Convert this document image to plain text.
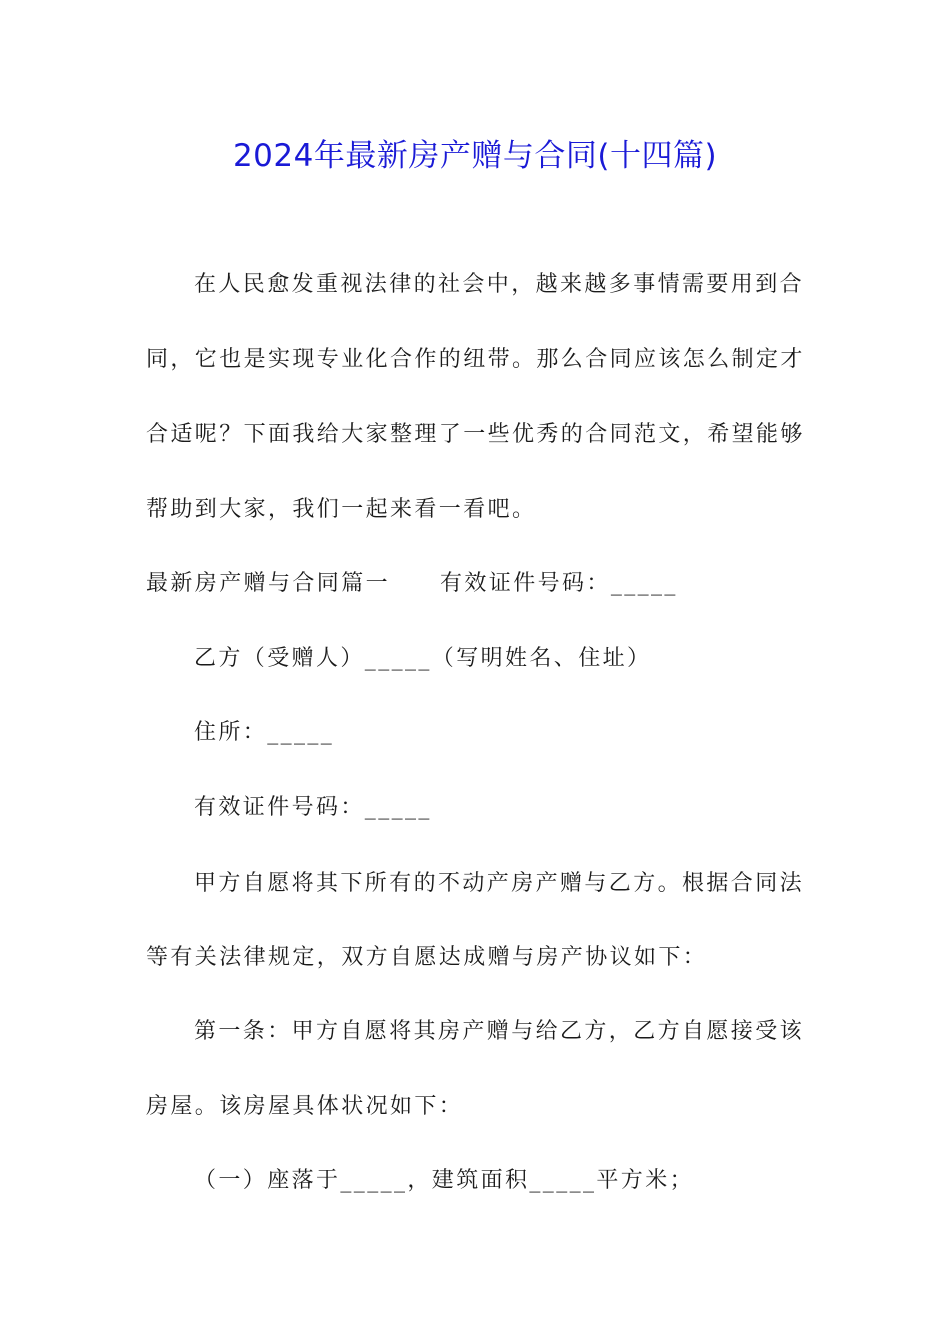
2024年最新房产赠与合同(十四篇)
在人民愈发重视法律的社会中，越来越多事情需要用到合
同，它也是实现专业化合作的纽带。那么合同应该怎么制定才
合适呢？下面我给大家整理了一些优秀的合同范文，希望能够
帮助到大家，我们一起来看一看吧。
最新房产赠与合同篇一 有效证件号码：_____
乙方（受赠人）_____（写明姓名、住址）
住所：_____
有效证件号码：_____
甲方自愿将其下所有的不动产房产赠与乙方。根据合同法
等有关法律规定，双方自愿达成赠与房产协议如下：
第一条：甲方自愿将其房产赠与给乙方，乙方自愿接受该
房屋。该房屋具体状况如下：
（一）座落于_____，建筑面积_____平方米；
